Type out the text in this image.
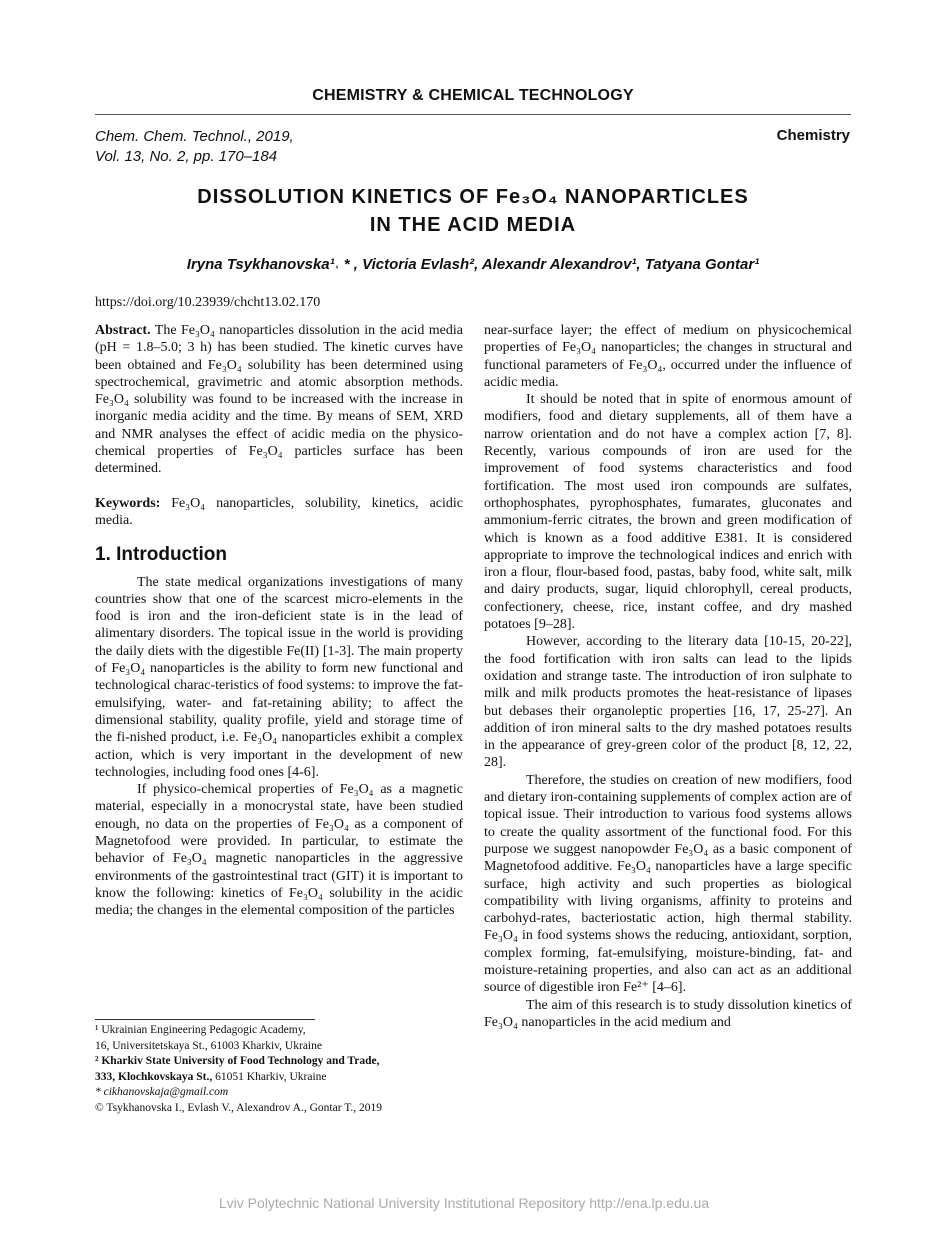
CHEMISTRY & CHEMICAL TECHNOLOGY
Chem. Chem. Technol., 2019,
Vol. 13, No. 2, pp. 170–184
Chemistry
DISSOLUTION KINETICS OF Fe₃O₄ NANOPARTICLES
IN THE ACID MEDIA
Iryna Tsykhanovska¹˒ * , Victoria Evlash², Alexandr Alexandrov¹, Tatyana Gontar¹
https://doi.org/10.23939/chcht13.02.170

Abstract. The Fe₃O₄ nanoparticles dissolution in the acid media (pH = 1.8–5.0; 3 h) has been studied. The kinetic curves have been obtained and Fe₃O₄ solubility has been determined using spectrochemical, gravimetric and atomic absorption methods. Fe₃O₄ solubility was found to be increased with the increase in inorganic media acidity and the time. By means of SEM, XRD and NMR analyses the effect of acidic media on the physico-chemical properties of Fe₃O₄ particles surface has been determined.

Keywords: Fe₃O₄ nanoparticles, solubility, kinetics, acidic media.

1. Introduction

The state medical organizations investigations of many countries show that one of the scarcest micro-elements in the food is iron and the iron-deficient state is in the lead of alimentary disorders. The topical issue in the world is providing the daily diets with the digestible Fe(II) [1-3]. The main property of Fe₃O₄ nanoparticles is the ability to form new functional and technological charac-teristics of food systems: to improve the fat-emulsifying, water- and fat-retaining ability; to affect the dimensional stability, quality profile, yield and storage time of the fi-nished product, i.e. Fe₃O₄ nanoparticles exhibit a complex action, which is very important in the development of new technologies, including food ones [4-6].

If physico-chemical properties of Fe₃O₄ as a magnetic material, especially in a monocrystal state, have been studied enough, no data on the properties of Fe₃O₄ as a component of Magnetofood were provided. In particular, to estimate the behavior of Fe₃O₄ magnetic nanoparticles in the aggressive environments of the gastrointestinal tract (GIT) it is important to know the following: kinetics of Fe₃O₄ solubility in the acidic media; the changes in the elemental composition of the particles

near-surface layer; the effect of medium on physicochemical properties of Fe₃O₄ nanoparticles; the changes in structural and functional parameters of Fe₃O₄, occurred under the influence of acidic media.

It should be noted that in spite of enormous amount of modifiers, food and dietary supplements, all of them have a narrow orientation and do not have a complex action [7, 8]. Recently, various compounds of iron are used for the improvement of food systems characteristics and food fortification. The most used iron compounds are sulfates, orthophosphates, pyrophosphates, fumarates, gluconates and ammonium-ferric citrates, the brown and green modification of which is known as a food additive E381. It is considered appropriate to improve the technological indices and enrich with iron a flour, flour-based food, pastas, baby food, white salt, milk and dairy products, sugar, liquid chlorophyll, cereal products, confectionery, cheese, rice, instant coffee, and dry mashed potatoes [9–28].

However, according to the literary data [10-15, 20-22], the food fortification with iron salts can lead to the lipids oxidation and strange taste. The introduction of iron sulphate to milk and milk products promotes the heat-resistance of lipases but debases their organoleptic properties [16, 17, 25-27]. An addition of iron mineral salts to the dry mashed potatoes results in the appearance of grey-green color of the product [8, 12, 22, 28].

Therefore, the studies on creation of new modifiers, food and dietary iron-containing supplements of complex action are of topical issue. Their introduction to various food systems allows to create the quality assortment of the functional food. For this purpose we suggest nanopowder Fe₃O₄ as a basic component of Magnetofood additive. Fe₃O₄ nanoparticles have a large specific surface, high activity and such properties as biological compatibility with living organisms, affinity to proteins and carbohyd-rates, bacteriostatic action, high thermal stability. Fe₃O₄ in food systems shows the reducing, antioxidant, sorption, complex forming, fat-emulsifying, moisture-binding, fat- and moisture-retaining properties, and also can act as an additional source of digestible iron Fe²⁺ [4–6].

The aim of this research is to study dissolution kinetics of Fe₃O₄ nanoparticles in the acid medium and

¹ Ukrainian Engineering Pedagogic Academy,
16, Universitetskaya St., 61003 Kharkiv, Ukraine
² Kharkiv State University of Food Technology and Trade,
333, Klochkovskaya St., 61051 Kharkiv, Ukraine
* cikhanovskaja@gmail.com
© Tsykhanovska I., Evlash V., Alexandrov A., Gontar T., 2019
Lviv Polytechnic National University Institutional Repository http://ena.lp.edu.ua
